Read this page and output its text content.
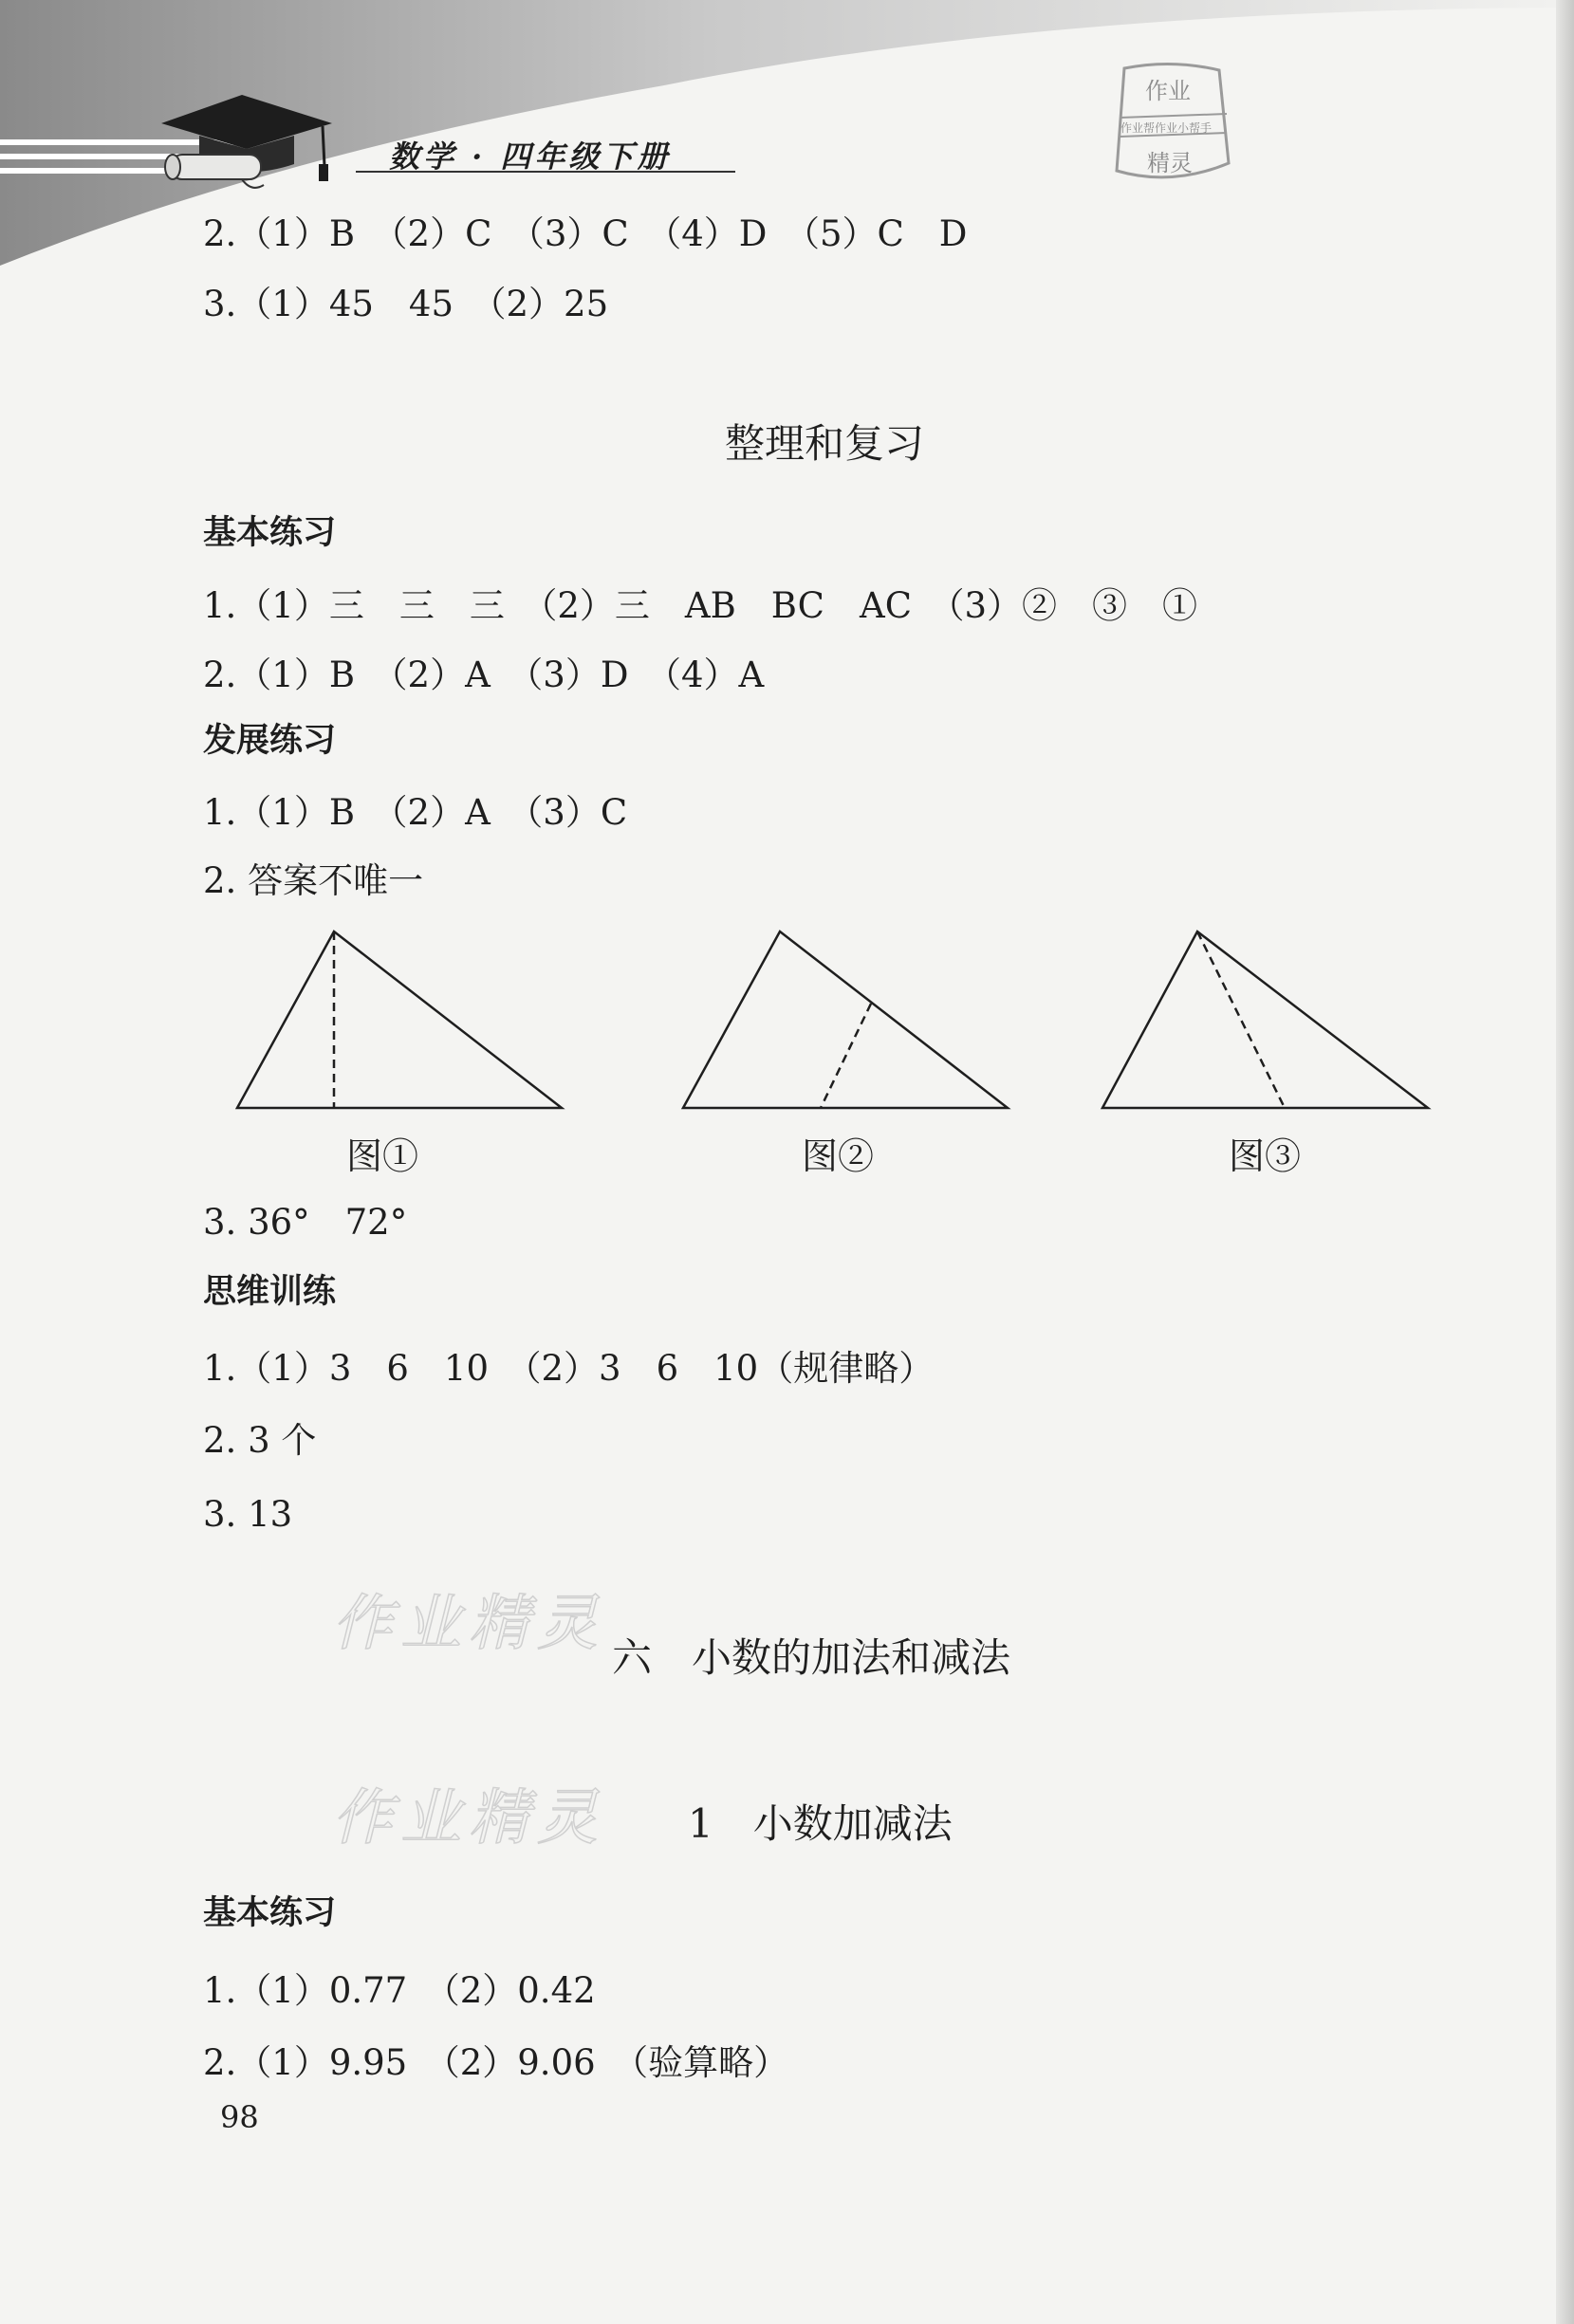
数学 · 四年级下册
作业
作业帮作业小帮手
精灵
2.（1）B　（2）C　（3）C　（4）D　（5）C　D
3.（1）45　45　（2）25
整理和复习
基本练习
1.（1）三　三　三　（2）三　AB　BC　AC　（3）②　③　①
2.（1）B　（2）A　（3）D　（4）A
发展练习
1.（1）B　（2）A　（3）C
2. 答案不唯一
图①	图②	图③
3. 36°　72°
思维训练
1.（1）3　6　10　（2）3　6　10（规律略）
2. 3 个
3. 13
作业精灵
作业精灵
六　小数的加法和减法
1　小数加减法
基本练习
1.（1）0.77　（2）0.42
2.（1）9.95　（2）9.06　（验算略）
98
